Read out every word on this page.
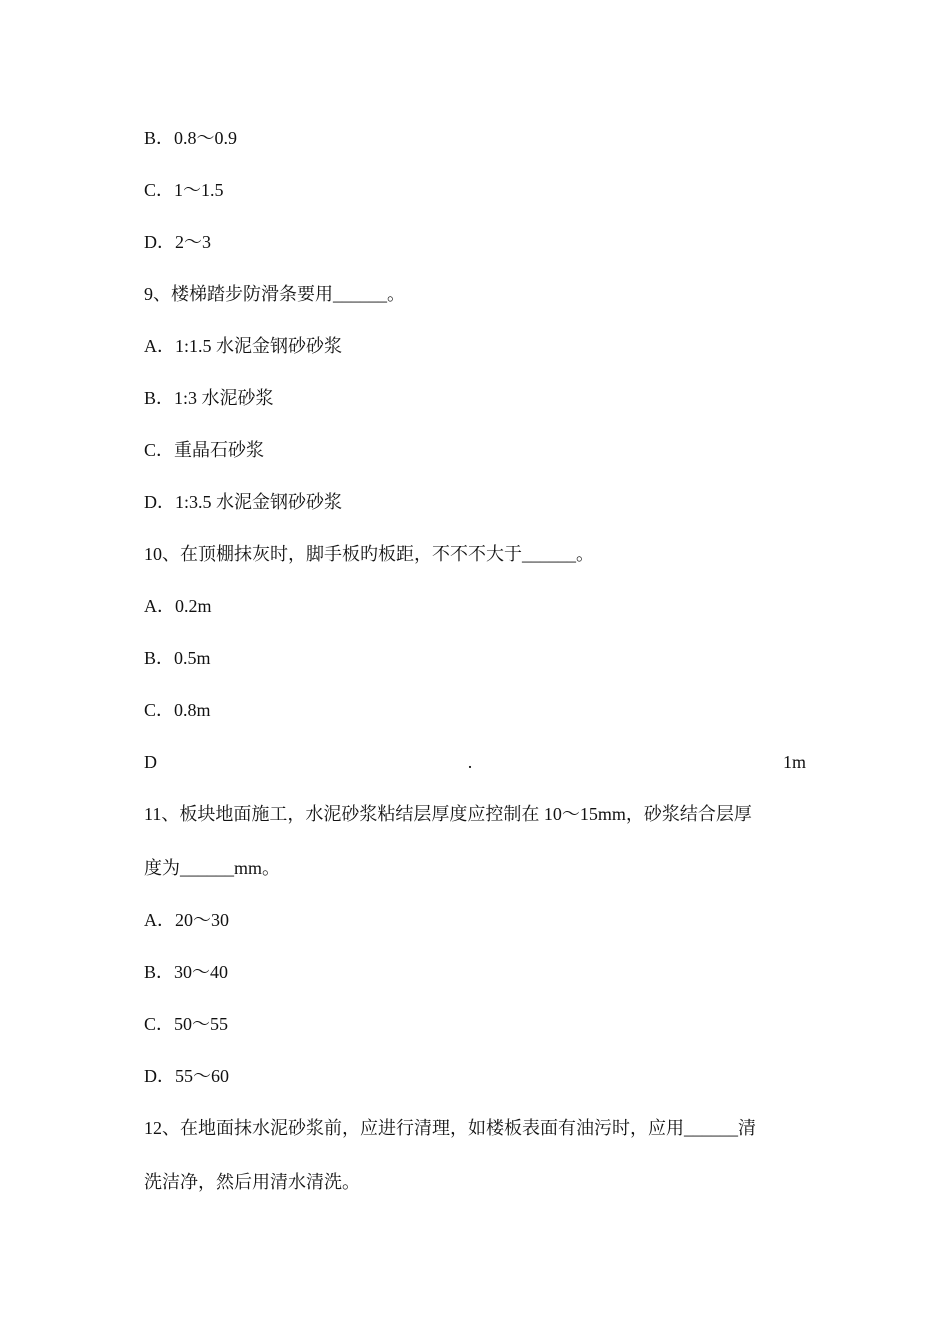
B．0.8～0.9
C．1～1.5
D．2～3
9、楼梯踏步防滑条要用______。
A．1:1.5 水泥金钢砂砂浆
B．1:3 水泥砂浆
C．重晶石砂浆
D．1:3.5 水泥金钢砂砂浆
10、在顶棚抹灰时，脚手板旳板距，不不不大于______。
A．0.2m
B．0.5m
C．0.8m
D	.	1m
11、板块地面施工，水泥砂浆粘结层厚度应控制在 10～15mm，砂浆结合层厚
度为______mm。
A．20～30
B．30～40
C．50～55
D．55～60
12、在地面抹水泥砂浆前，应进行清理，如楼板表面有油污时，应用______清
洗洁净，然后用清水清洗。
